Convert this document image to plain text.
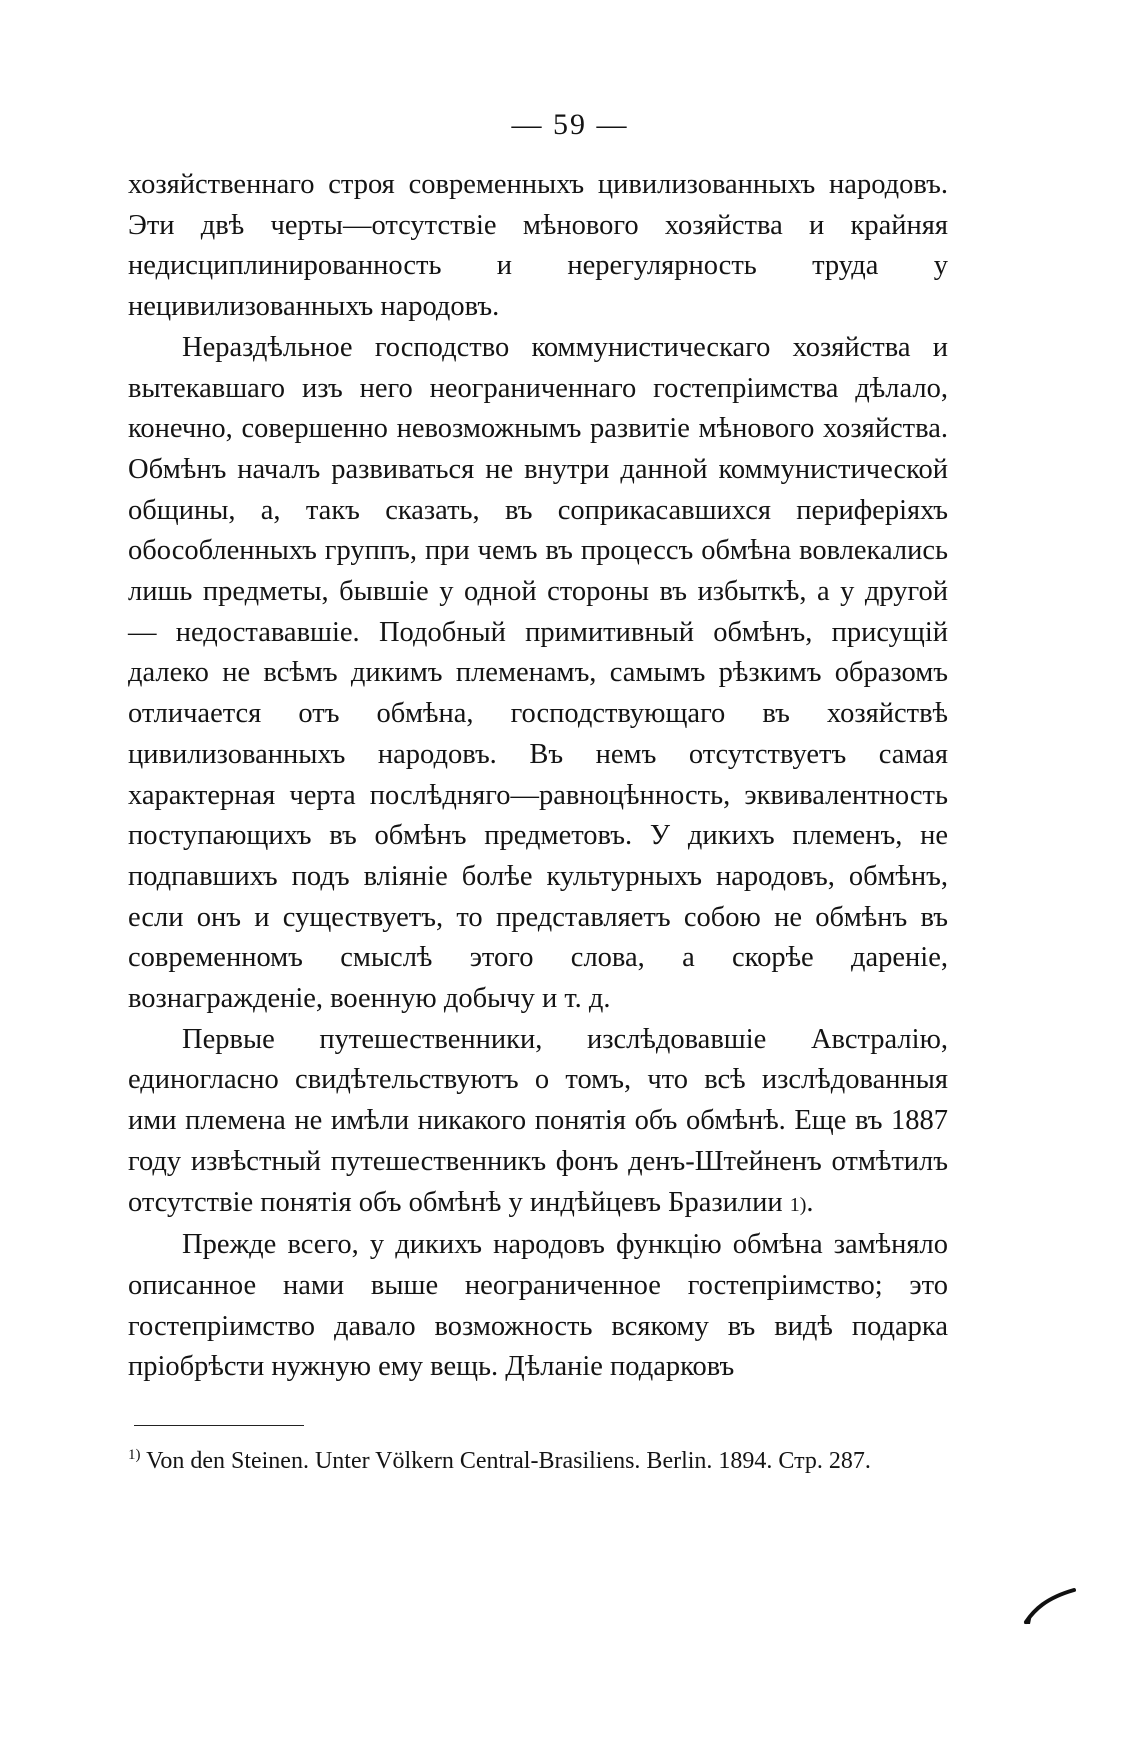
— 59 —

хозяйственнаго строя современныхъ цивилизованныхъ народовъ. Эти двѣ черты—отсутствіе мѣнового хозяйства и крайняя недисциплинированность и нерегулярность труда у нецивилизованныхъ народовъ.

Нераздѣльное господство коммунистическаго хозяйства и вытекавшаго изъ него неограниченнаго гостепріимства дѣлало, конечно, совершенно невозможнымъ развитіе мѣнового хозяйства. Обмѣнъ началъ развиваться не внутри данной коммунистической общины, а, такъ сказать, въ соприкасавшихся периферіяхъ обособленныхъ группъ, при чемъ въ процессъ обмѣна вовлекались лишь предметы, бывшіе у одной стороны въ избыткѣ, а у другой — недостававшіе. Подобный примитивный обмѣнъ, присущій далеко не всѣмъ дикимъ племенамъ, самымъ рѣзкимъ образомъ отличается отъ обмѣна, господствующаго въ хозяйствѣ цивилизованныхъ народовъ. Въ немъ отсутствуетъ самая характерная черта послѣдняго—равноцѣнность, эквивалентность поступающихъ въ обмѣнъ предметовъ. У дикихъ племенъ, не подпавшихъ подъ вліяніе болѣе культурныхъ народовъ, обмѣнъ, если онъ и существуетъ, то представляетъ собою не обмѣнъ въ современномъ смыслѣ этого слова, а скорѣе дареніе, вознагражденіе, военную добычу и т. д.

Первые путешественники, изслѣдовавшіе Австралію, единогласно свидѣтельствуютъ о томъ, что всѣ изслѣдованныя ими племена не имѣли никакого понятія объ обмѣнѣ. Еще въ 1887 году извѣстный путешественникъ фонъ денъ-Штейненъ отмѣтилъ отсутствіе понятія объ обмѣнѣ у индѣйцевъ Бразилии 1).

Прежде всего, у дикихъ народовъ функцію обмѣна замѣняло описанное нами выше неограниченное гостепріимство; это гостепріимство давало возможность всякому въ видѣ подарка пріобрѣсти нужную ему вещь. Дѣланіе подарковъ

$^{1)}$ Von den Steinen. Unter Völkern Central-Brasiliens. Berlin. 1894. Стр. 287.
